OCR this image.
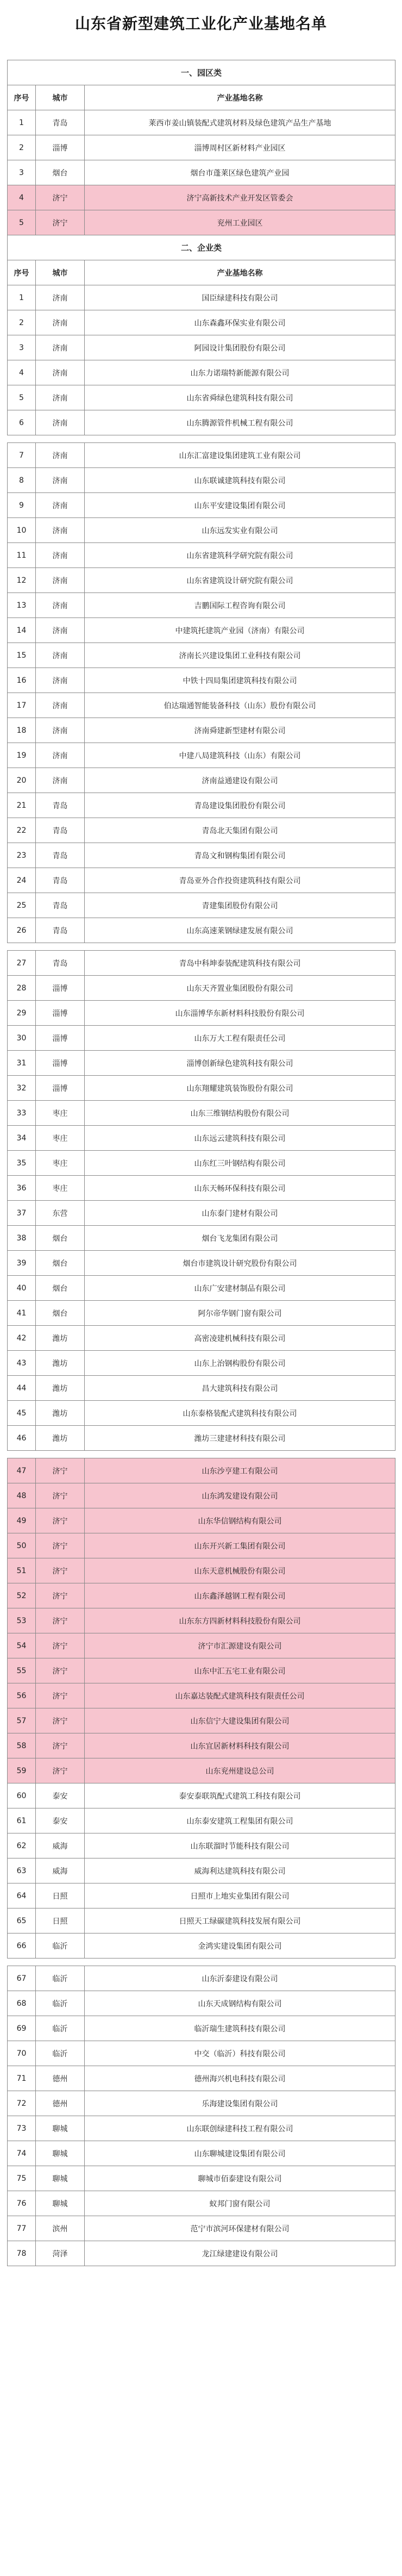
山东省新型建筑工业化产业基地名单
一、园区类		
序号	城市	产业基地名称
1	青岛	莱西市姜山镇装配式建筑材料及绿色建筑产品生产基地
2	淄博	淄博周村区新材料产业园区
3	烟台	烟台市蓬莱区绿色建筑产业园
4	济宁	济宁高新技术产业开发区管委会
5	济宁	兖州工业园区
二、企业类		
序号	城市	产业基地名称
1	济南	国臣绿建科技有限公司
2	济南	山东森鑫环保实业有限公司
3	济南	阿园设计集团股份有限公司
4	济南	山东力诺瑞特新能源有限公司
5	济南	山东省舜绿色建筑科技有限公司
6	济南	山东腾源管件机械工程有限公司

7	济南	山东汇富建设集团建筑工业有限公司
8	济南	山东联诚建筑科技有限公司
9	济南	山东平安建设集团有限公司
10	济南	山东远发实业有限公司
11	济南	山东省建筑科学研究院有限公司
12	济南	山东省建筑设计研究院有限公司
13	济南	吉鹏国际工程咨询有限公司
14	济南	中建筑托建筑产业园（济南）有限公司
15	济南	济南长兴建设集团工业科技有限公司
16	济南	中铁十四局集团建筑科技有限公司
17	济南	伯达瑞通智能装备科技（山东）股份有限公司
18	济南	济南舜建新型建材有限公司
19	济南	中建八局建筑科技（山东）有限公司
20	济南	济南益通建设有限公司
21	青岛	青岛建设集团股份有限公司
22	青岛	青岛北天集团有限公司
23	青岛	青岛文和钢构集团有限公司
24	青岛	青岛亚外合作投资建筑科技有限公司
25	青岛	青建集团股份有限公司
26	青岛	山东高速莱钢绿建发展有限公司

27	青岛	青岛中科坤泰装配建筑科技有限公司
28	淄博	山东天齐置业集团股份有限公司
29	淄博	山东淄博华东新材料科技股份有限公司
30	淄博	山东万大工程有限责任公司
31	淄博	淄博创新绿色建筑科技有限公司
32	淄博	山东翔耀建筑装饰股份有限公司
33	枣庄	山东三维钢结构股份有限公司
34	枣庄	山东远云建筑科技有限公司
35	枣庄	山东红三叶钢结构有限公司
36	枣庄	山东天畅环保科技有限公司
37	东营	山东泰门建材有限公司
38	烟台	烟台飞龙集团有限公司
39	烟台	烟台市建筑设计研究股份有限公司
40	烟台	山东广安建材制品有限公司
41	烟台	阿尔帝华钢门窗有限公司
42	潍坊	高密凌建机械科技有限公司
43	潍坊	山东上治钢构股份有限公司
44	潍坊	昌大建筑科技有限公司
45	潍坊	山东泰格装配式建筑科技有限公司
46	潍坊	潍坊三建建材科技有限公司

47	济宁	山东沙亨建工有限公司
48	济宁	山东鸿发建设有限公司
49	济宁	山东华信钢结构有限公司
50	济宁	山东开兴新工集团有限公司
51	济宁	山东天意机械股份有限公司
52	济宁	山东鑫泽越钢工程有限公司
53	济宁	山东东方四新材料科技股份有限公司
54	济宁	济宁市汇源建设有限公司
55	济宁	山东中汇五宅工业有限公司
56	济宁	山东嘉达装配式建筑科技有限责任公司
57	济宁	山东信宁大建设集团有限公司
58	济宁	山东宜居新材料科技有限公司
59	济宁	山东兖州建设总公司
60	泰安	泰安泰联筑配式建筑工科技有限公司
61	泰安	山东泰安建筑工程集团有限公司
62	威海	山东联溜时节能科技有限公司
63	威海	威海利达建筑科技有限公司
64	日照	日照市上地实业集团有限公司
65	日照	日照天工绿碳建筑科技发展有限公司
66	临沂	金鸿实建设集团有限公司

67	临沂	山东沂泰建设有限公司
68	临沂	山东天成钢结构有限公司
69	临沂	临沂瑞生建筑科技有限公司
70	临沂	中交（临沂）科技有限公司
71	德州	德州海兴机电科技有限公司
72	德州	乐海建设集团有限公司
73	聊城	山东联创绿建科技工程有限公司
74	聊城	山东聊城建设集团有限公司
75	聊城	聊城市佰泰建设有限公司
76	聊城	蚁邦门窗有限公司
77	滨州	范宁市滨河环保建材有限公司
78	菏泽	龙江绿建建设有限公司
